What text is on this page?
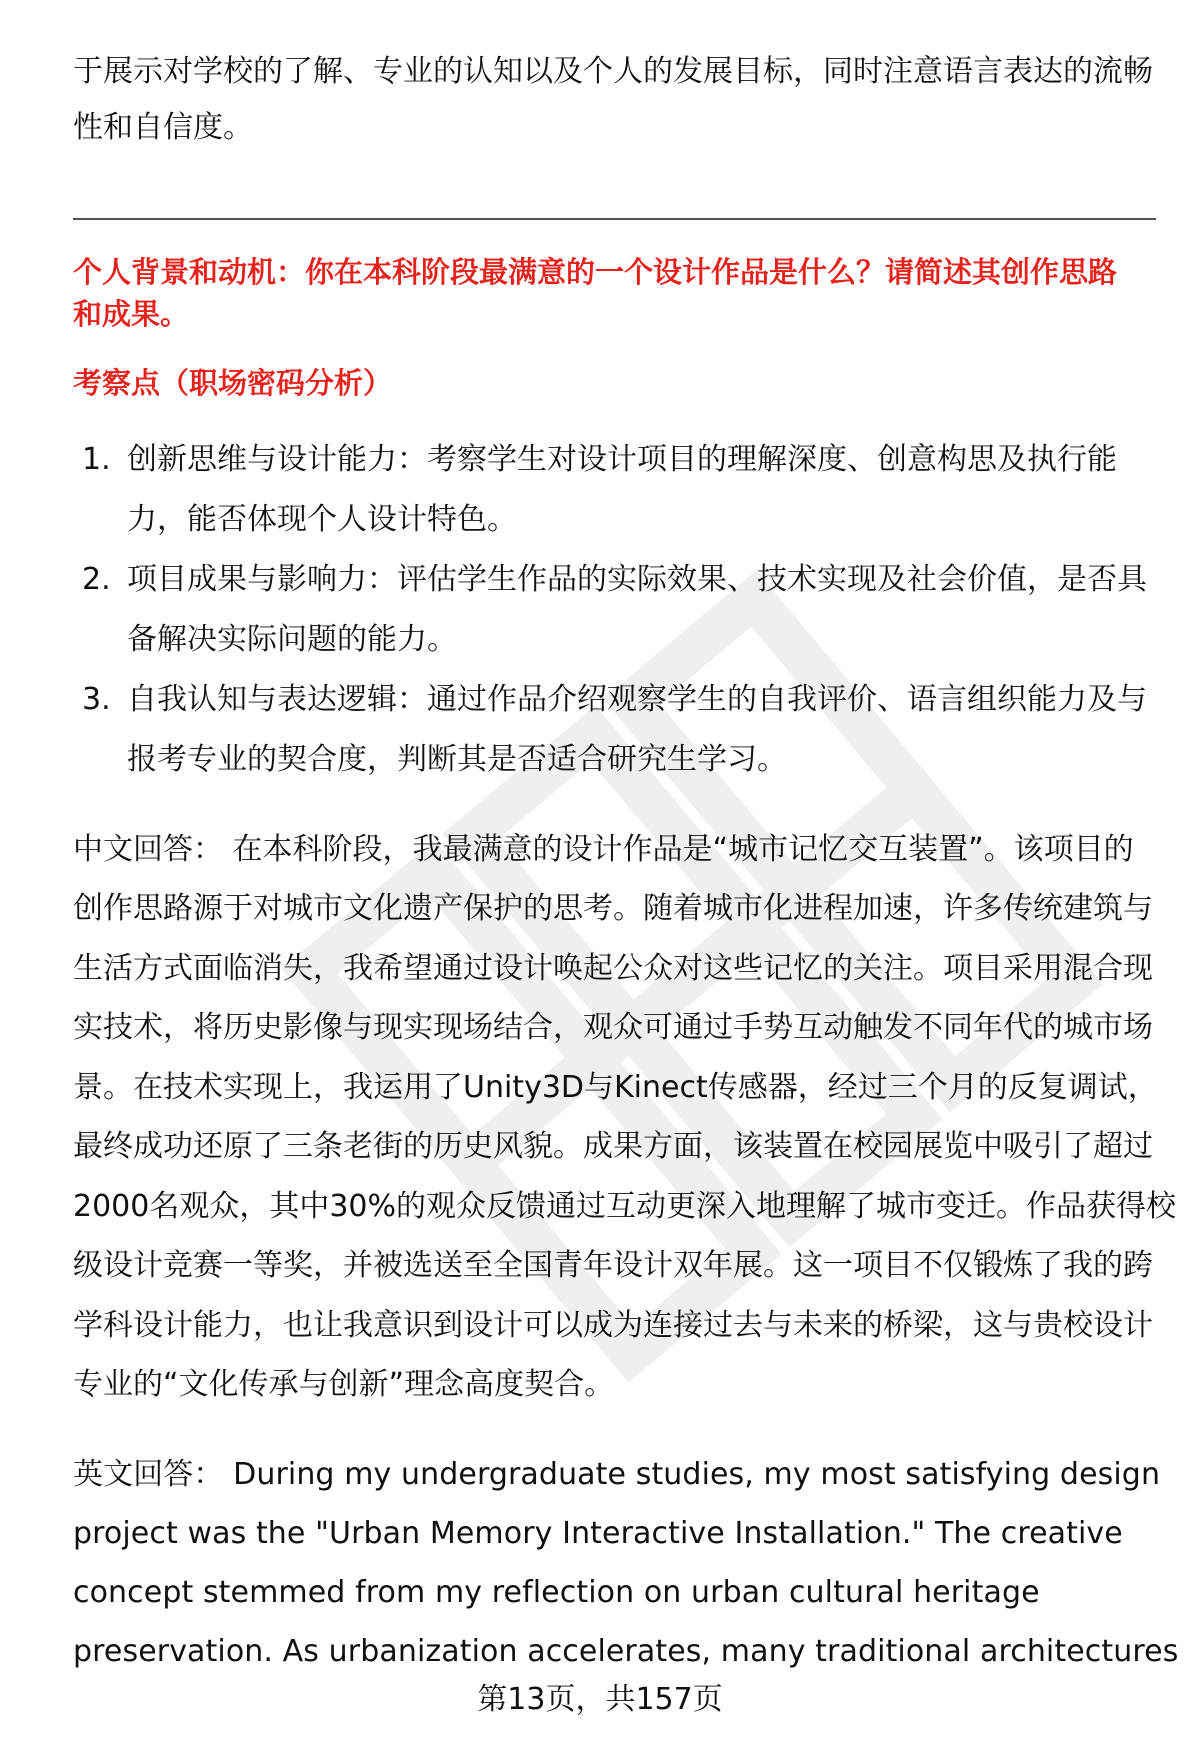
于展示对学校的了解、专业的认知以及个人的发展目标，同时注意语言表达的流畅

性和自信度。

个人背景和动机：你在本科阶段最满意的一个设计作品是什么？请简述其创作思路

和成果。

考察点（职场密码分析）

1. 创新思维与设计能力：考察学生对设计项目的理解深度、创意构思及执行能
力，能否体现个人设计特色。
2. 项目成果与影响力：评估学生作品的实际效果、技术实现及社会价值，是否具
备解决实际问题的能力。
3. 自我认知与表达逻辑：通过作品介绍观察学生的自我评价、语言组织能力及与
报考专业的契合度，判断其是否适合研究生学习。

中文回答： 在本科阶段，我最满意的设计作品是“城市记忆交互装置”。该项目的

创作思路源于对城市文化遗产保护的思考。随着城市化进程加速，许多传统建筑与

生活方式面临消失，我希望通过设计唤起公众对这些记忆的关注。项目采用混合现

实技术，将历史影像与现实现场结合，观众可通过手势互动触发不同年代的城市场

景。在技术实现上，我运用了Unity3D与Kinect传感器，经过三个月的反复调试，

最终成功还原了三条老街的历史风貌。成果方面，该装置在校园展览中吸引了超过

2000名观众，其中30%的观众反馈通过互动更深入地理解了城市变迁。作品获得校

级设计竞赛一等奖，并被选送至全国青年设计双年展。这一项目不仅锻炼了我的跨

学科设计能力，也让我意识到设计可以成为连接过去与未来的桥梁，这与贵校设计

专业的“文化传承与创新”理念高度契合。

英文回答： During my undergraduate studies, my most satisfying design

project was the "Urban Memory Interactive Installation." The creative

concept stemmed from my reflection on urban cultural heritage

preservation. As urbanization accelerates, many traditional architectures

第13页，共157页
